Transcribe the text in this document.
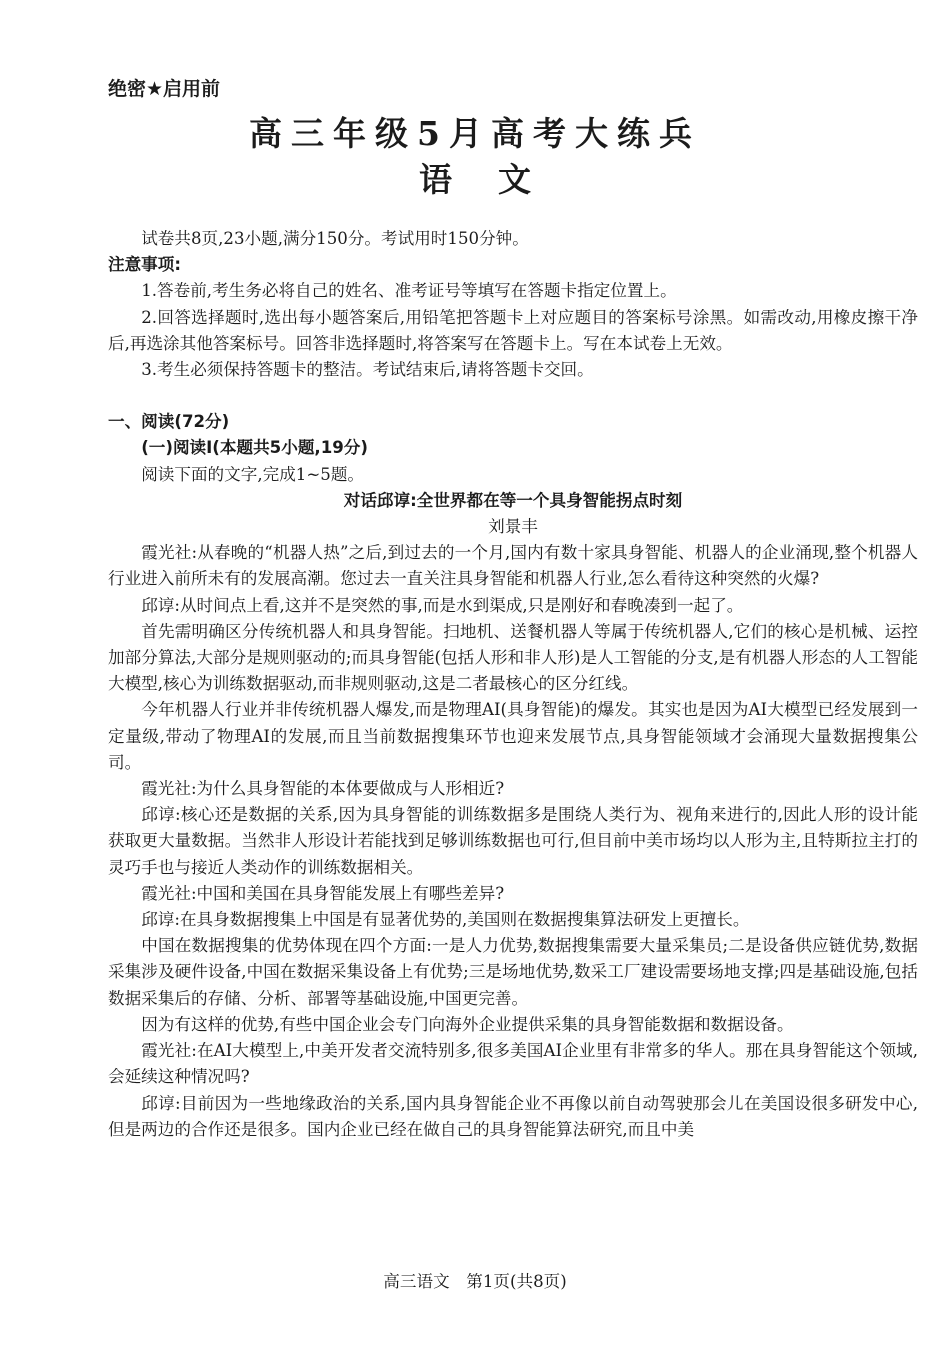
绝密★启用前
高三年级5月高考大练兵
语 文

试卷共8页,23小题,满分150分。考试用时150分钟。

注意事项:

1.答卷前,考生务必将自己的姓名、准考证号等填写在答题卡指定位置上。

2.回答选择题时,选出每小题答案后,用铅笔把答题卡上对应题目的答案标号涂黑。如需改动,用橡皮擦干净后,再选涂其他答案标号。回答非选择题时,将答案写在答题卡上。写在本试卷上无效。

3.考生必须保持答题卡的整洁。考试结束后,请将答题卡交回。

一、阅读(72分)

(一)阅读Ⅰ(本题共5小题,19分)

阅读下面的文字,完成1~5题。

对话邱谆:全世界都在等一个具身智能拐点时刻

刘景丰

霞光社:从春晚的“机器人热”之后,到过去的一个月,国内有数十家具身智能、机器人的企业涌现,整个机器人行业进入前所未有的发展高潮。您过去一直关注具身智能和机器人行业,怎么看待这种突然的火爆?

邱谆:从时间点上看,这并不是突然的事,而是水到渠成,只是刚好和春晚凑到一起了。

首先需明确区分传统机器人和具身智能。扫地机、送餐机器人等属于传统机器人,它们的核心是机械、运控加部分算法,大部分是规则驱动的;而具身智能(包括人形和非人形)是人工智能的分支,是有机器人形态的人工智能大模型,核心为训练数据驱动,而非规则驱动,这是二者最核心的区分红线。

今年机器人行业并非传统机器人爆发,而是物理AI(具身智能)的爆发。其实也是因为AI大模型已经发展到一定量级,带动了物理AI的发展,而且当前数据搜集环节也迎来发展节点,具身智能领域才会涌现大量数据搜集公司。

霞光社:为什么具身智能的本体要做成与人形相近?

邱谆:核心还是数据的关系,因为具身智能的训练数据多是围绕人类行为、视角来进行的,因此人形的设计能获取更大量数据。当然非人形设计若能找到足够训练数据也可行,但目前中美市场均以人形为主,且特斯拉主打的灵巧手也与接近人类动作的训练数据相关。

霞光社:中国和美国在具身智能发展上有哪些差异?

邱谆:在具身数据搜集上中国是有显著优势的,美国则在数据搜集算法研发上更擅长。

中国在数据搜集的优势体现在四个方面:一是人力优势,数据搜集需要大量采集员;二是设备供应链优势,数据采集涉及硬件设备,中国在数据采集设备上有优势;三是场地优势,数采工厂建设需要场地支撑;四是基础设施,包括数据采集后的存储、分析、部署等基础设施,中国更完善。

因为有这样的优势,有些中国企业会专门向海外企业提供采集的具身智能数据和数据设备。

霞光社:在AI大模型上,中美开发者交流特别多,很多美国AI企业里有非常多的华人。那在具身智能这个领域,会延续这种情况吗?

邱谆:目前因为一些地缘政治的关系,国内具身智能企业不再像以前自动驾驶那会儿在美国设很多研发中心,但是两边的合作还是很多。国内企业已经在做自己的具身智能算法研究,而且中美

高三语文　第1页(共8页)
